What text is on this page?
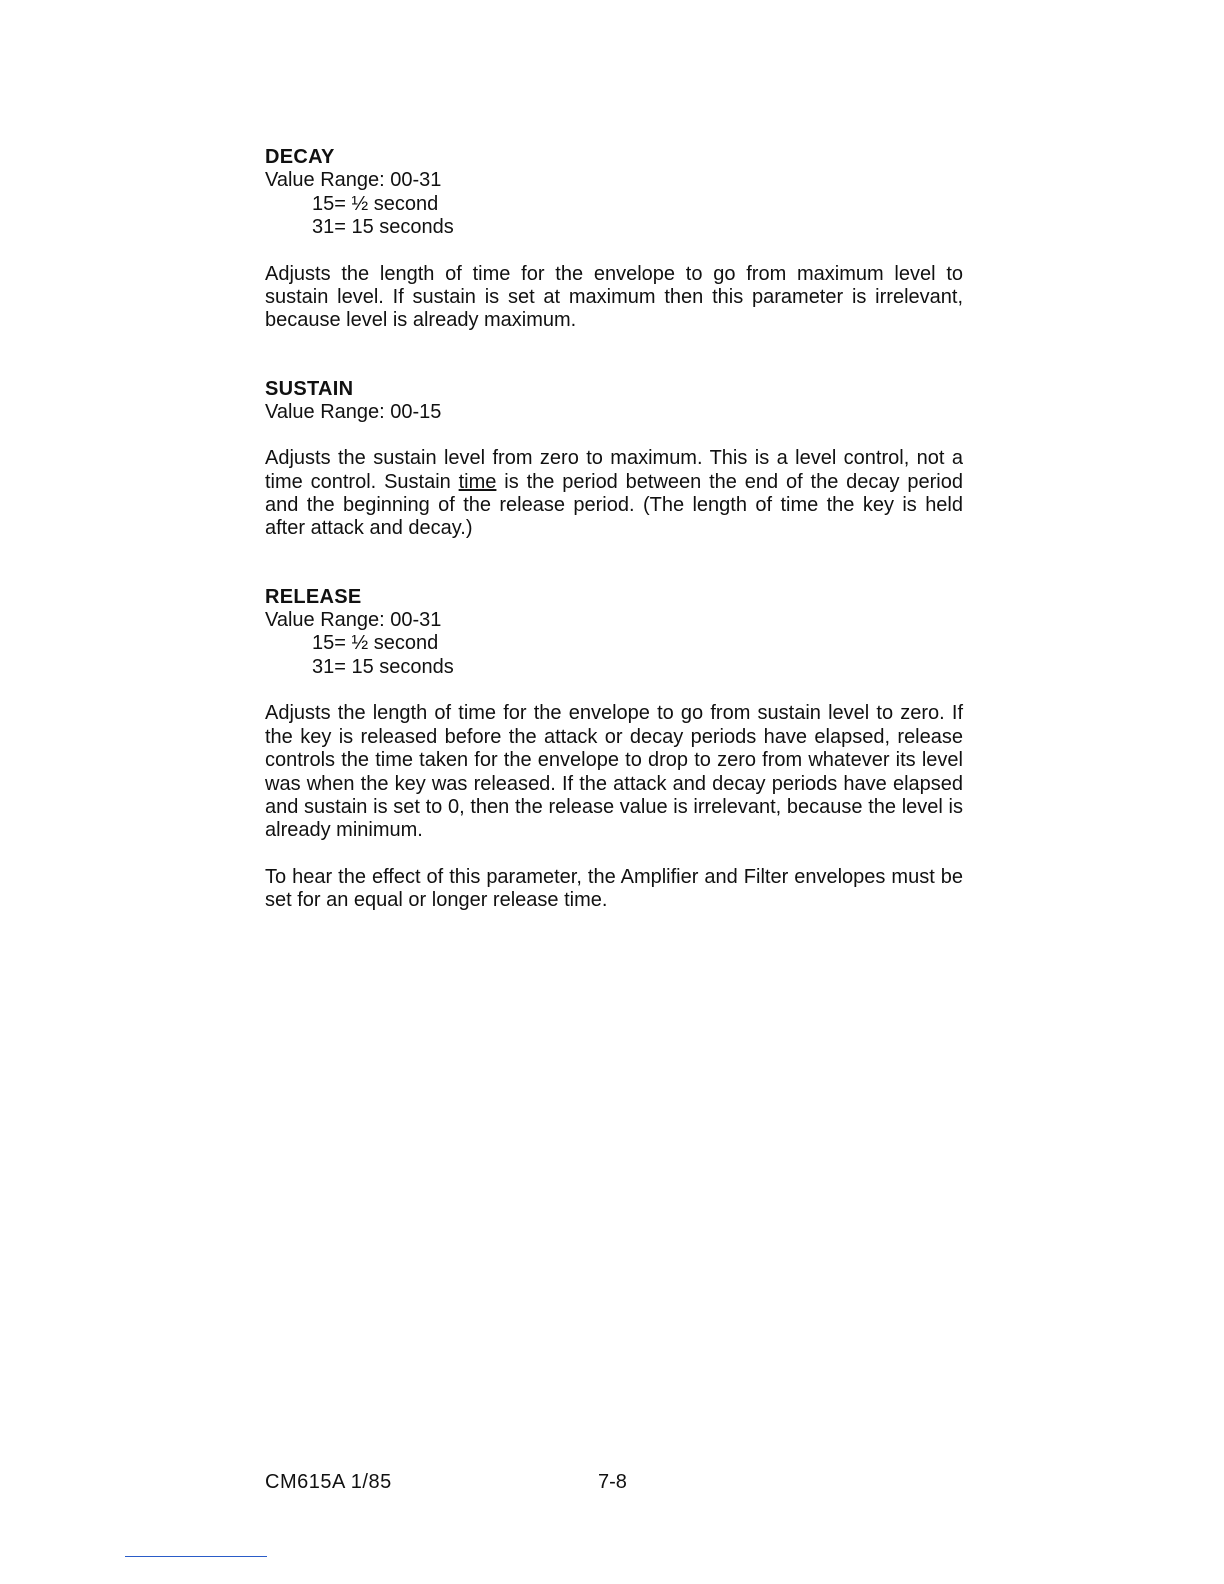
DECAY
Value Range: 00-31
15= ½ second
31= 15 seconds
Adjusts the length of time for the envelope to go from maximum level to sustain level. If sustain is set at maximum then this parameter is irrelevant, because level is already maximum.
SUSTAIN
Value Range: 00-15
Adjusts the sustain level from zero to maximum. This is a level control, not a time control. Sustain time is the period between the end of the decay period and the beginning of the release period. (The length of time the key is held after attack and decay.)
RELEASE
Value Range: 00-31
15= ½ second
31= 15 seconds
Adjusts the length of time for the envelope to go from sustain level to zero. If the key is released before the attack or decay periods have elapsed, release controls the time taken for the envelope to drop to zero from whatever its level was when the key was released. If the attack and decay periods have elapsed and sustain is set to 0, then the release value is irrelevant, because the level is already minimum.
To hear the effect of this parameter, the Amplifier and Filter envelopes must be set for an equal or longer release time.
CM615A 1/85	7-8
